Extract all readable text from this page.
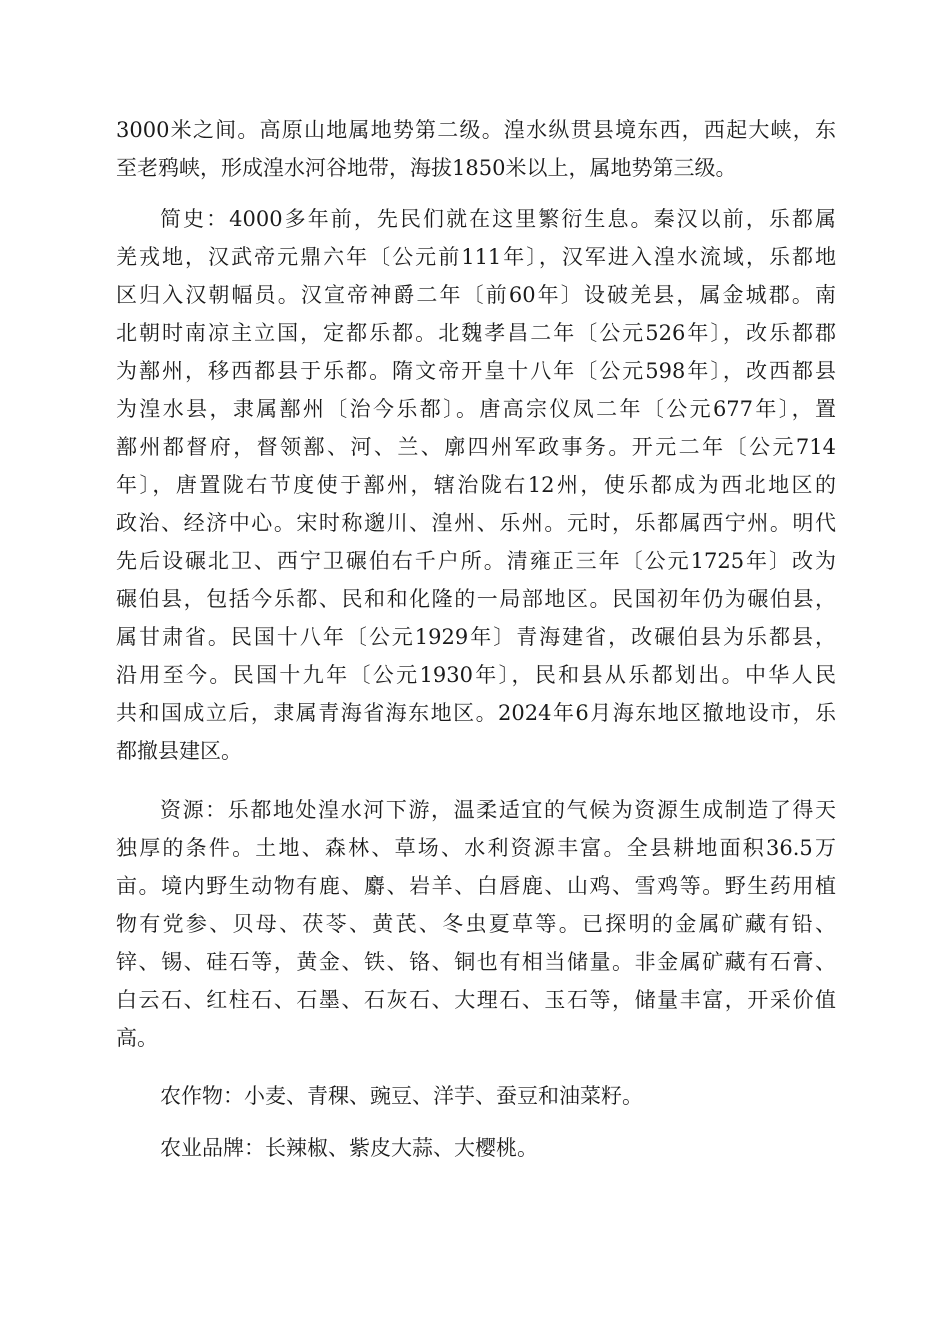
3000米之间。高原山地属地势第二级。湟水纵贯县境东西，西起大峡，东
至老鸦峡，形成湟水河谷地带，海拔1850米以上，属地势第三级。
简史：4000多年前，先民们就在这里繁衍生息。秦汉以前，乐都属
羌戎地，汉武帝元鼎六年〔公元前111年〕，汉军进入湟水流域，乐都地
区归入汉朝幅员。汉宣帝神爵二年〔前60年〕设破羌县，属金城郡。南
北朝时南凉主立国，定都乐都。北魏孝昌二年〔公元526年〕，改乐都郡
为鄯州，移西都县于乐都。隋文帝开皇十八年〔公元598年〕，改西都县
为湟水县，隶属鄯州〔治今乐都〕。唐高宗仪凤二年〔公元677年〕，置
鄯州都督府，督领鄯、河、兰、廓四州军政事务。开元二年〔公元714
年〕，唐置陇右节度使于鄯州，辖治陇右12州，使乐都成为西北地区的
政治、经济中心。宋时称邈川、湟州、乐州。元时，乐都属西宁州。明代
先后设碾北卫、西宁卫碾伯右千户所。清雍正三年〔公元1725年〕改为
碾伯县，包括今乐都、民和和化隆的一局部地区。民国初年仍为碾伯县，
属甘肃省。民国十八年〔公元1929年〕青海建省，改碾伯县为乐都县，
沿用至今。民国十九年〔公元1930年〕，民和县从乐都划出。中华人民
共和国成立后，隶属青海省海东地区。2024年6月海东地区撤地设市，乐
都撤县建区。
资源：乐都地处湟水河下游，温柔适宜的气候为资源生成制造了得天
独厚的条件。土地、森林、草场、水利资源丰富。全县耕地面积36.5万
亩。境内野生动物有鹿、麝、岩羊、白唇鹿、山鸡、雪鸡等。野生药用植
物有党参、贝母、茯苓、黄芪、冬虫夏草等。已探明的金属矿藏有铅、
锌、锡、硅石等，黄金、铁、铬、铜也有相当储量。非金属矿藏有石膏、
白云石、红柱石、石墨、石灰石、大理石、玉石等，储量丰富，开采价值
高。
农作物：小麦、青稞、豌豆、洋芋、蚕豆和油菜籽。
农业品牌：长辣椒、紫皮大蒜、大樱桃。
